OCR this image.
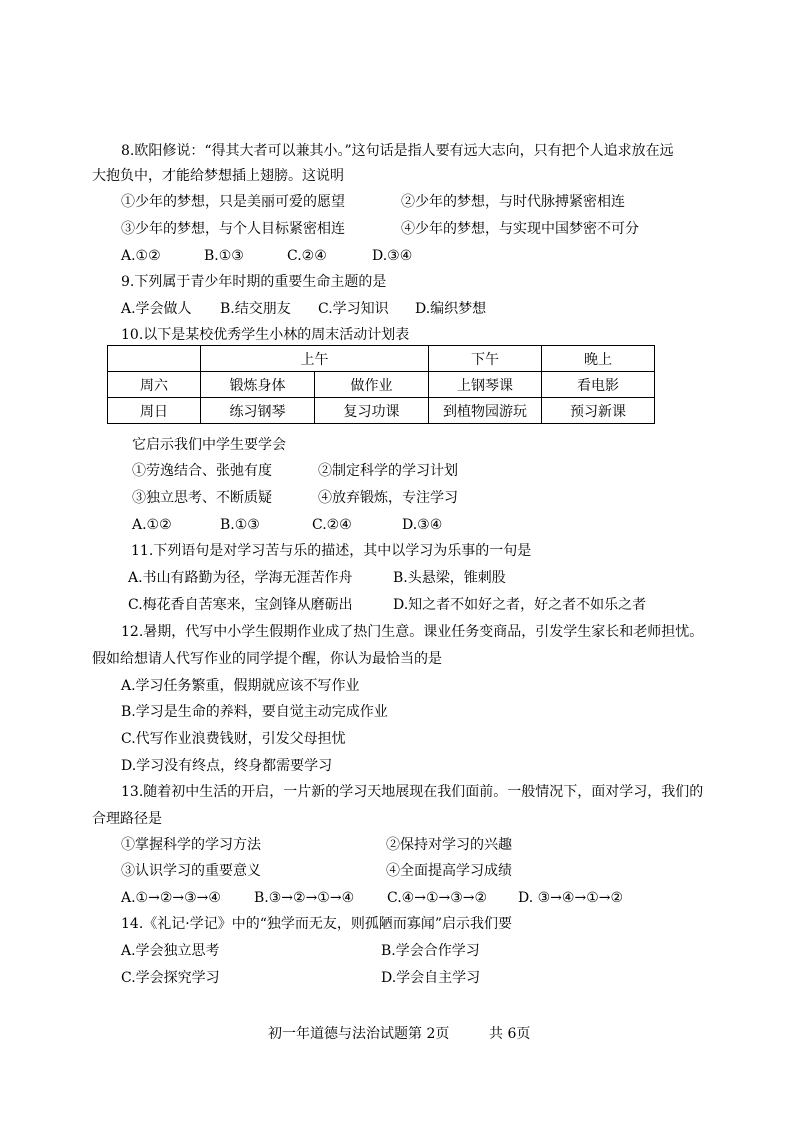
8.欧阳修说：“得其大者可以兼其小。”这句话是指人要有远大志向，只有把个人追求放在远
大抱负中，才能给梦想插上翅膀。这说明
①少年的梦想，只是美丽可爱的愿望	②少年的梦想，与时代脉搏紧密相连
③少年的梦想，与个人目标紧密相连	④少年的梦想，与实现中国梦密不可分
A.①②	B.①③	C.②④	D.③④
9.下列属于青少年时期的重要生命主题的是
A.学会做人 B.结交朋友 C.学习知识 D.编织梦想
10.以下是某校优秀学生小林的周末活动计划表
	上午		下午	晚上
周六	锻炼身体	做作业	上钢琴课	看电影
周日	练习钢琴	复习功课	到植物园游玩	预习新课
它启示我们中学生要学会
①劳逸结合、张弛有度	②制定科学的学习计划
③独立思考、不断质疑	④放弃锻炼，专注学习
A.①②	B.①③	C.②④	D.③④
11.下列语句是对学习苦与乐的描述，其中以学习为乐事的一句是
A.书山有路勤为径，学海无涯苦作舟	B.头悬梁，锥刺股
C.梅花香自苦寒来，宝剑锋从磨砺出	D.知之者不如好之者，好之者不如乐之者
12.暑期，代写中小学生假期作业成了热门生意。课业任务变商品，引发学生家长和老师担忧。
假如给想请人代写作业的同学提个醒，你认为最恰当的是
A.学习任务繁重，假期就应该不写作业
B.学习是生命的养料，要自觉主动完成作业
C.代写作业浪费钱财，引发父母担忧
D.学习没有终点，终身都需要学习
13.随着初中生活的开启，一片新的学习天地展现在我们面前。一般情况下，面对学习，我们的
合理路径是
①掌握科学的学习方法	②保持对学习的兴趣
③认识学习的重要意义	④全面提高学习成绩
A.①→②→③→④ B.③→②→①→④ C.④→①→③→② D. ③→④→①→②
14.《礼记·学记》中的“独学而无友，则孤陋而寡闻”启示我们要
A.学会独立思考	B.学会合作学习
C.学会探究学习	D.学会自主学习
初一年道德与法治试题第 2页	共 6页
